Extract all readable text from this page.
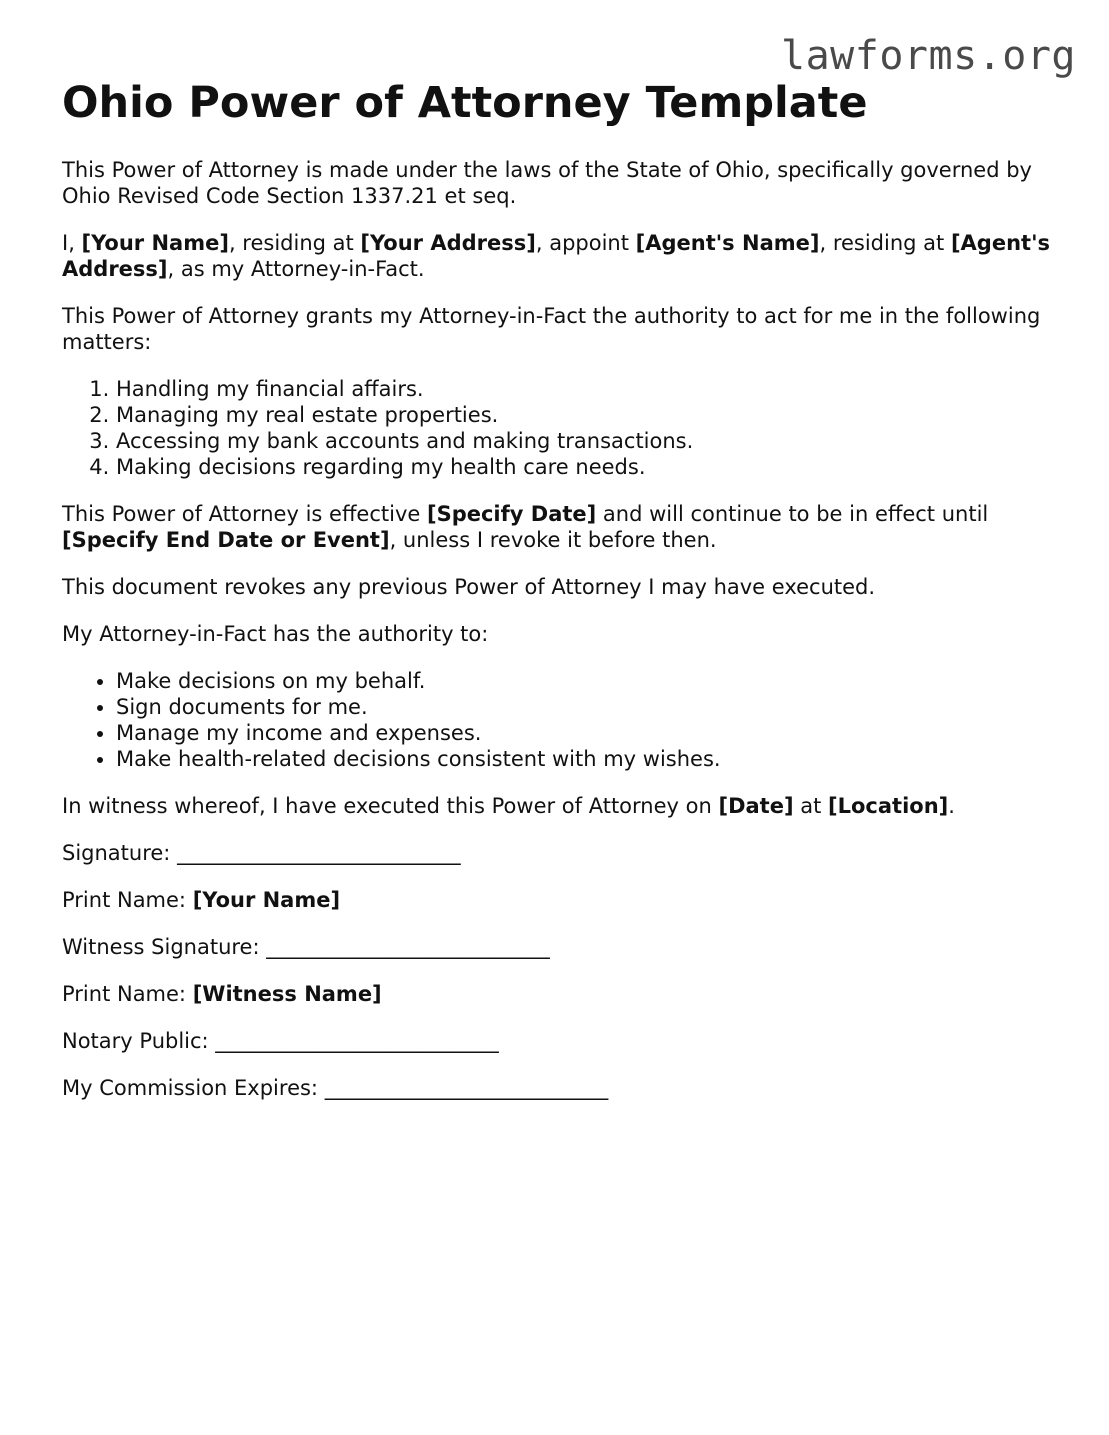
lawforms.org
Ohio Power of Attorney Template

This Power of Attorney is made under the laws of the State of Ohio, specifically governed by Ohio Revised Code Section 1337.21 et seq.

I, [Your Name], residing at [Your Address], appoint [Agent's Name], residing at [Agent's Address], as my Attorney-in-Fact.

This Power of Attorney grants my Attorney-in-Fact the authority to act for me in the following matters:

1. Handling my financial affairs.
2. Managing my real estate properties.
3. Accessing my bank accounts and making transactions.
4. Making decisions regarding my health care needs.

This Power of Attorney is effective [Specify Date] and will continue to be in effect until [Specify End Date or Event], unless I revoke it before then.

This document revokes any previous Power of Attorney I may have executed.

My Attorney-in-Fact has the authority to:

• Make decisions on my behalf.
• Sign documents for me.
• Manage my income and expenses.
• Make health-related decisions consistent with my wishes.

In witness whereof, I have executed this Power of Attorney on [Date] at [Location].

Signature: ___________________________

Print Name: [Your Name]

Witness Signature: ___________________________

Print Name: [Witness Name]

Notary Public: ___________________________

My Commission Expires: ___________________________
